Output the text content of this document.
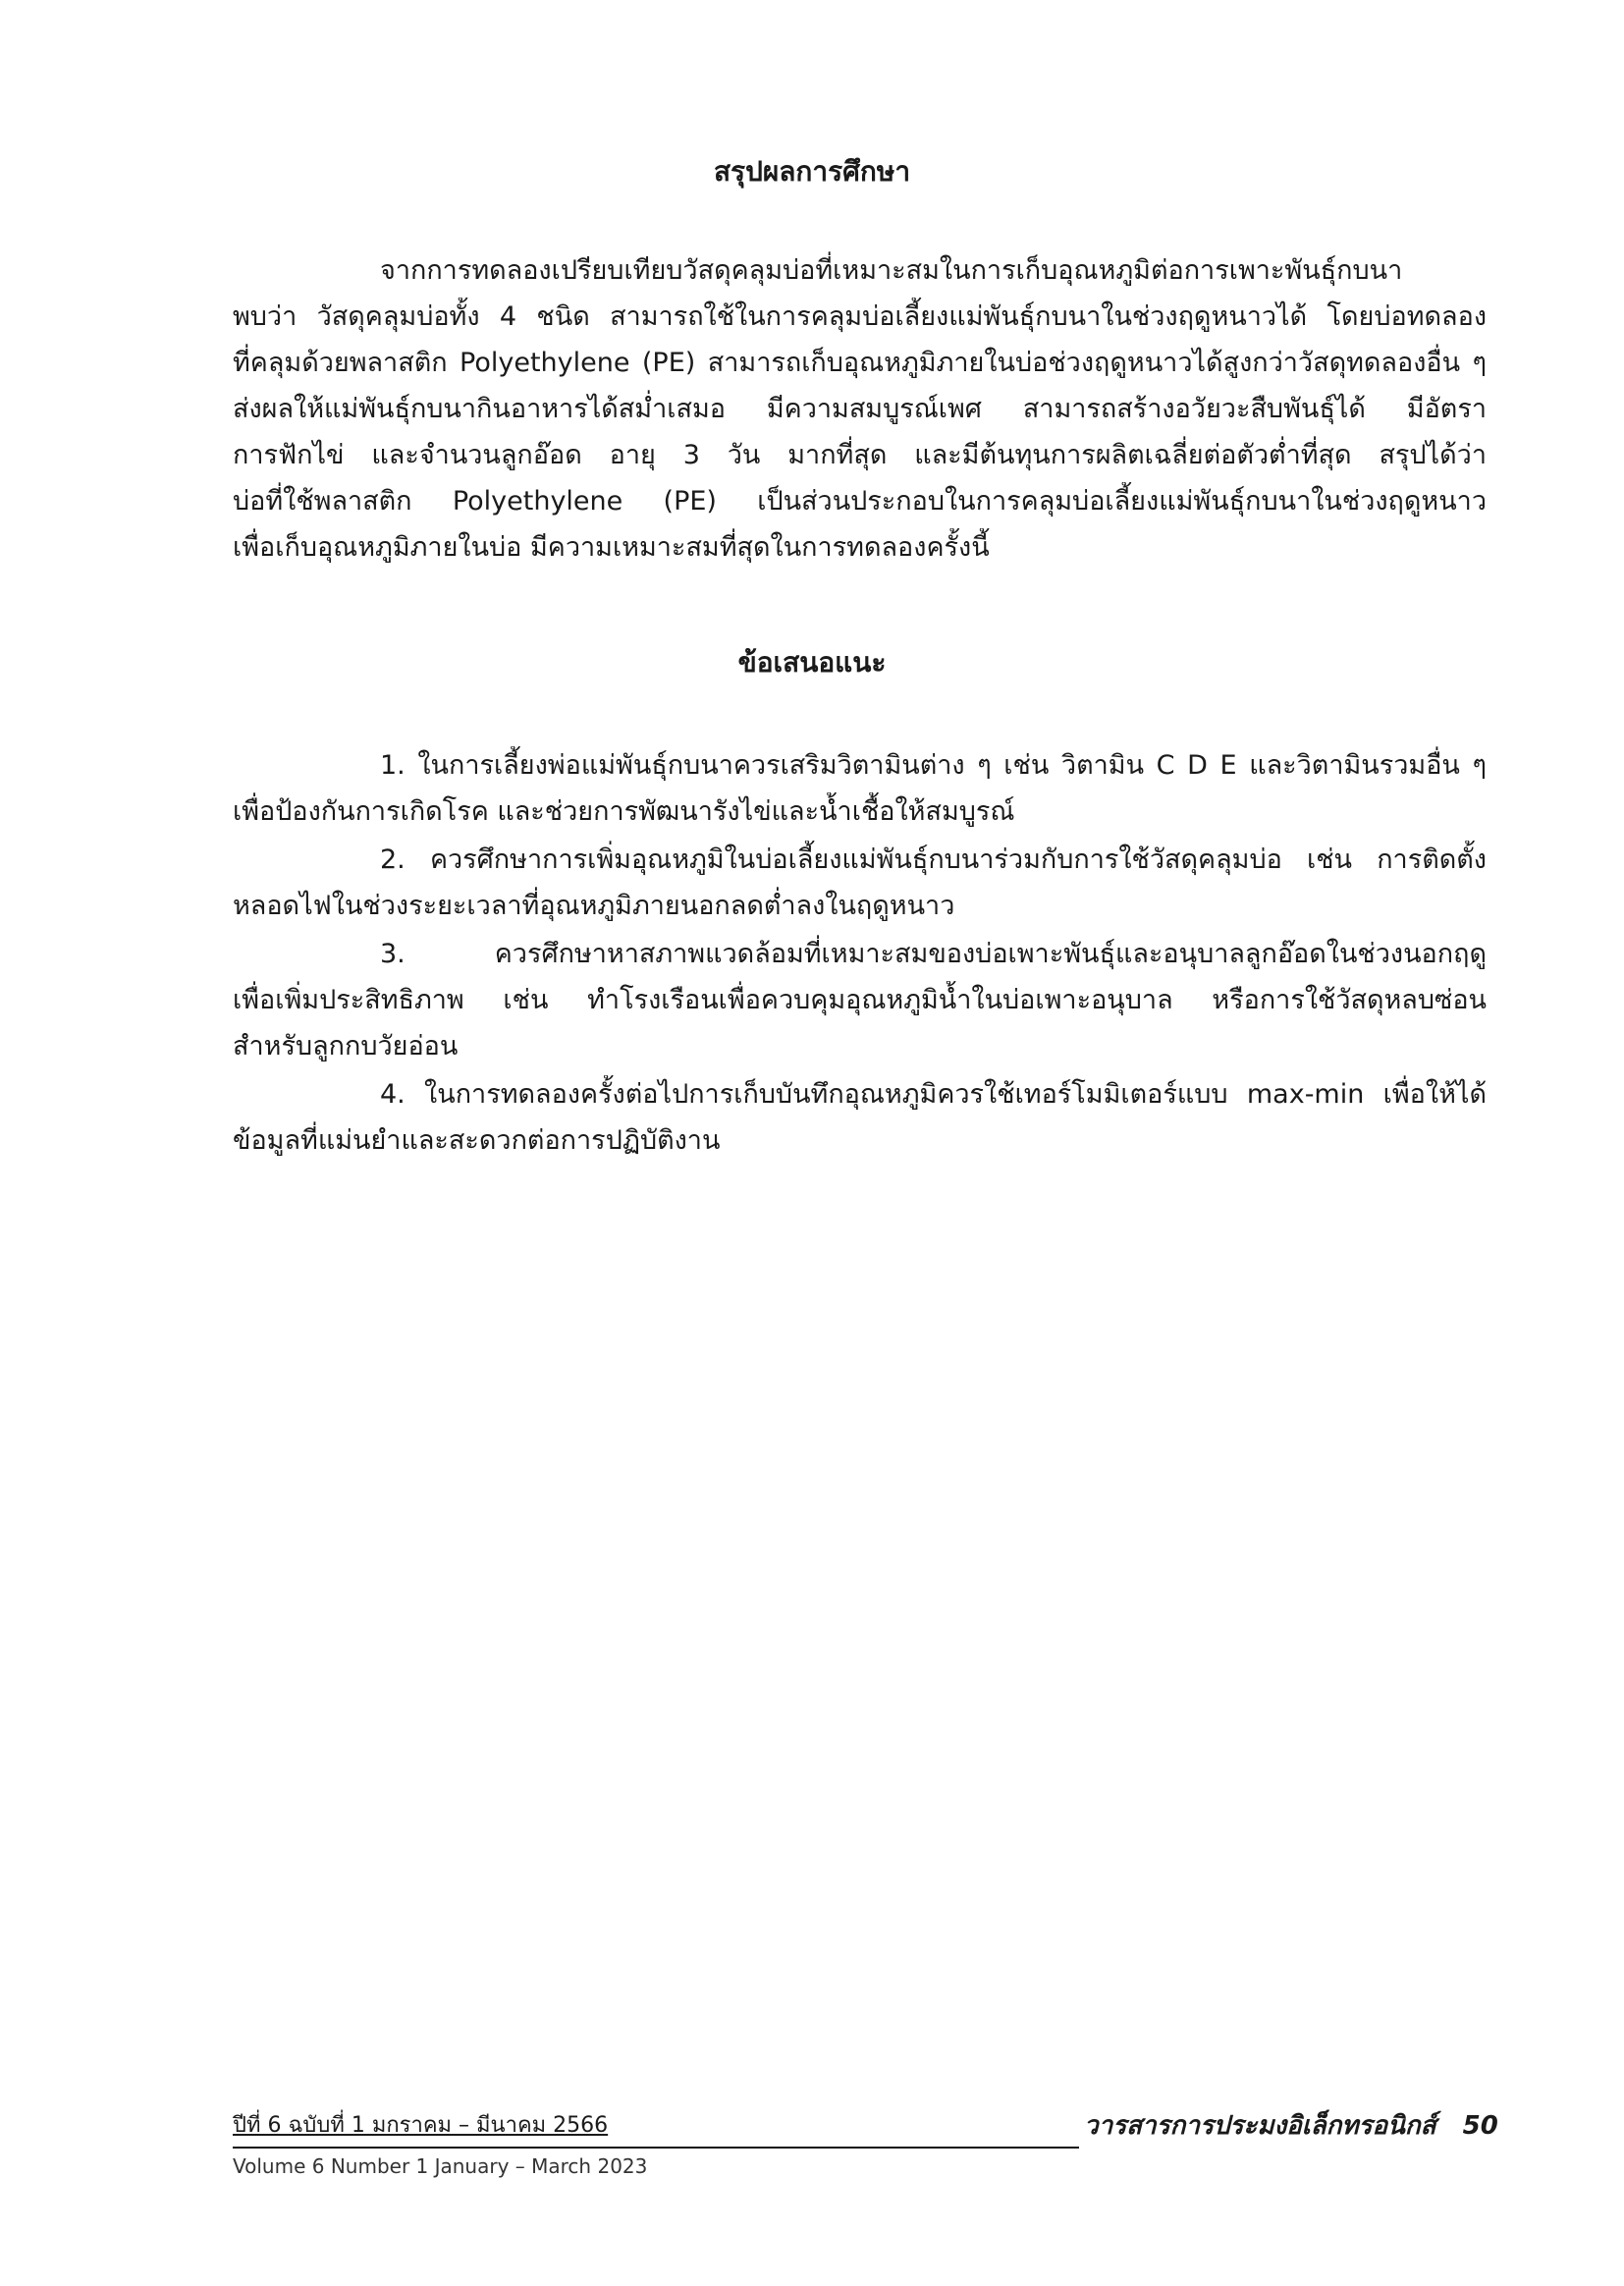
สรุปผลการศึกษา
จากการทดลองเปรียบเทียบวัสดุคลุมบ่อที่เหมาะสมในการเก็บอุณหภูมิต่อการเพาะพันธุ์กบนา
พบว่า วัสดุคลุมบ่อทั้ง 4 ชนิด สามารถใช้ในการคลุมบ่อเลี้ยงแม่พันธุ์กบนาในช่วงฤดูหนาวได้ โดยบ่อทดลอง
ที่คลุมด้วยพลาสติก Polyethylene (PE) สามารถเก็บอุณหภูมิภายในบ่อช่วงฤดูหนาวได้สูงกว่าวัสดุทดลองอื่น ๆ
ส่งผลให้แม่พันธุ์กบนากินอาหารได้สม่ำเสมอ มีความสมบูรณ์เพศ สามารถสร้างอวัยวะสืบพันธุ์ได้ มีอัตรา
การฟักไข่ และจำนวนลูกอ๊อด อายุ 3 วัน มากที่สุด และมีต้นทุนการผลิตเฉลี่ยต่อตัวต่ำที่สุด สรุปได้ว่า
บ่อที่ใช้พลาสติก Polyethylene (PE) เป็นส่วนประกอบในการคลุมบ่อเลี้ยงแม่พันธุ์กบนาในช่วงฤดูหนาว
เพื่อเก็บอุณหภูมิภายในบ่อ มีความเหมาะสมที่สุดในการทดลองครั้งนี้
ข้อเสนอแนะ
1. ในการเลี้ยงพ่อแม่พันธุ์กบนาควรเสริมวิตามินต่าง ๆ เช่น วิตามิน C D E และวิตามินรวมอื่น ๆ
เพื่อป้องกันการเกิดโรค และช่วยการพัฒนารังไข่และน้ำเชื้อให้สมบูรณ์
2. ควรศึกษาการเพิ่มอุณหภูมิในบ่อเลี้ยงแม่พันธุ์กบนาร่วมกับการใช้วัสดุคลุมบ่อ เช่น การติดตั้ง
หลอดไฟในช่วงระยะเวลาที่อุณหภูมิภายนอกลดต่ำลงในฤดูหนาว
3. ควรศึกษาหาสภาพแวดล้อมที่เหมาะสมของบ่อเพาะพันธุ์และอนุบาลลูกอ๊อดในช่วงนอกฤดู
เพื่อเพิ่มประสิทธิภาพ เช่น ทำโรงเรือนเพื่อควบคุมอุณหภูมิน้ำในบ่อเพาะอนุบาล หรือการใช้วัสดุหลบซ่อน
สำหรับลูกกบวัยอ่อน
4. ในการทดลองครั้งต่อไปการเก็บบันทึกอุณหภูมิควรใช้เทอร์โมมิเตอร์แบบ max-min เพื่อให้ได้
ข้อมูลที่แม่นยำและสะดวกต่อการปฏิบัติงาน
ปีที่ 6 ฉบับที่ 1 มกราคม – มีนาคม 2566
Volume 6 Number 1 January – March 2023
วารสารการประมงอิเล็กทรอนิกส์ 50
